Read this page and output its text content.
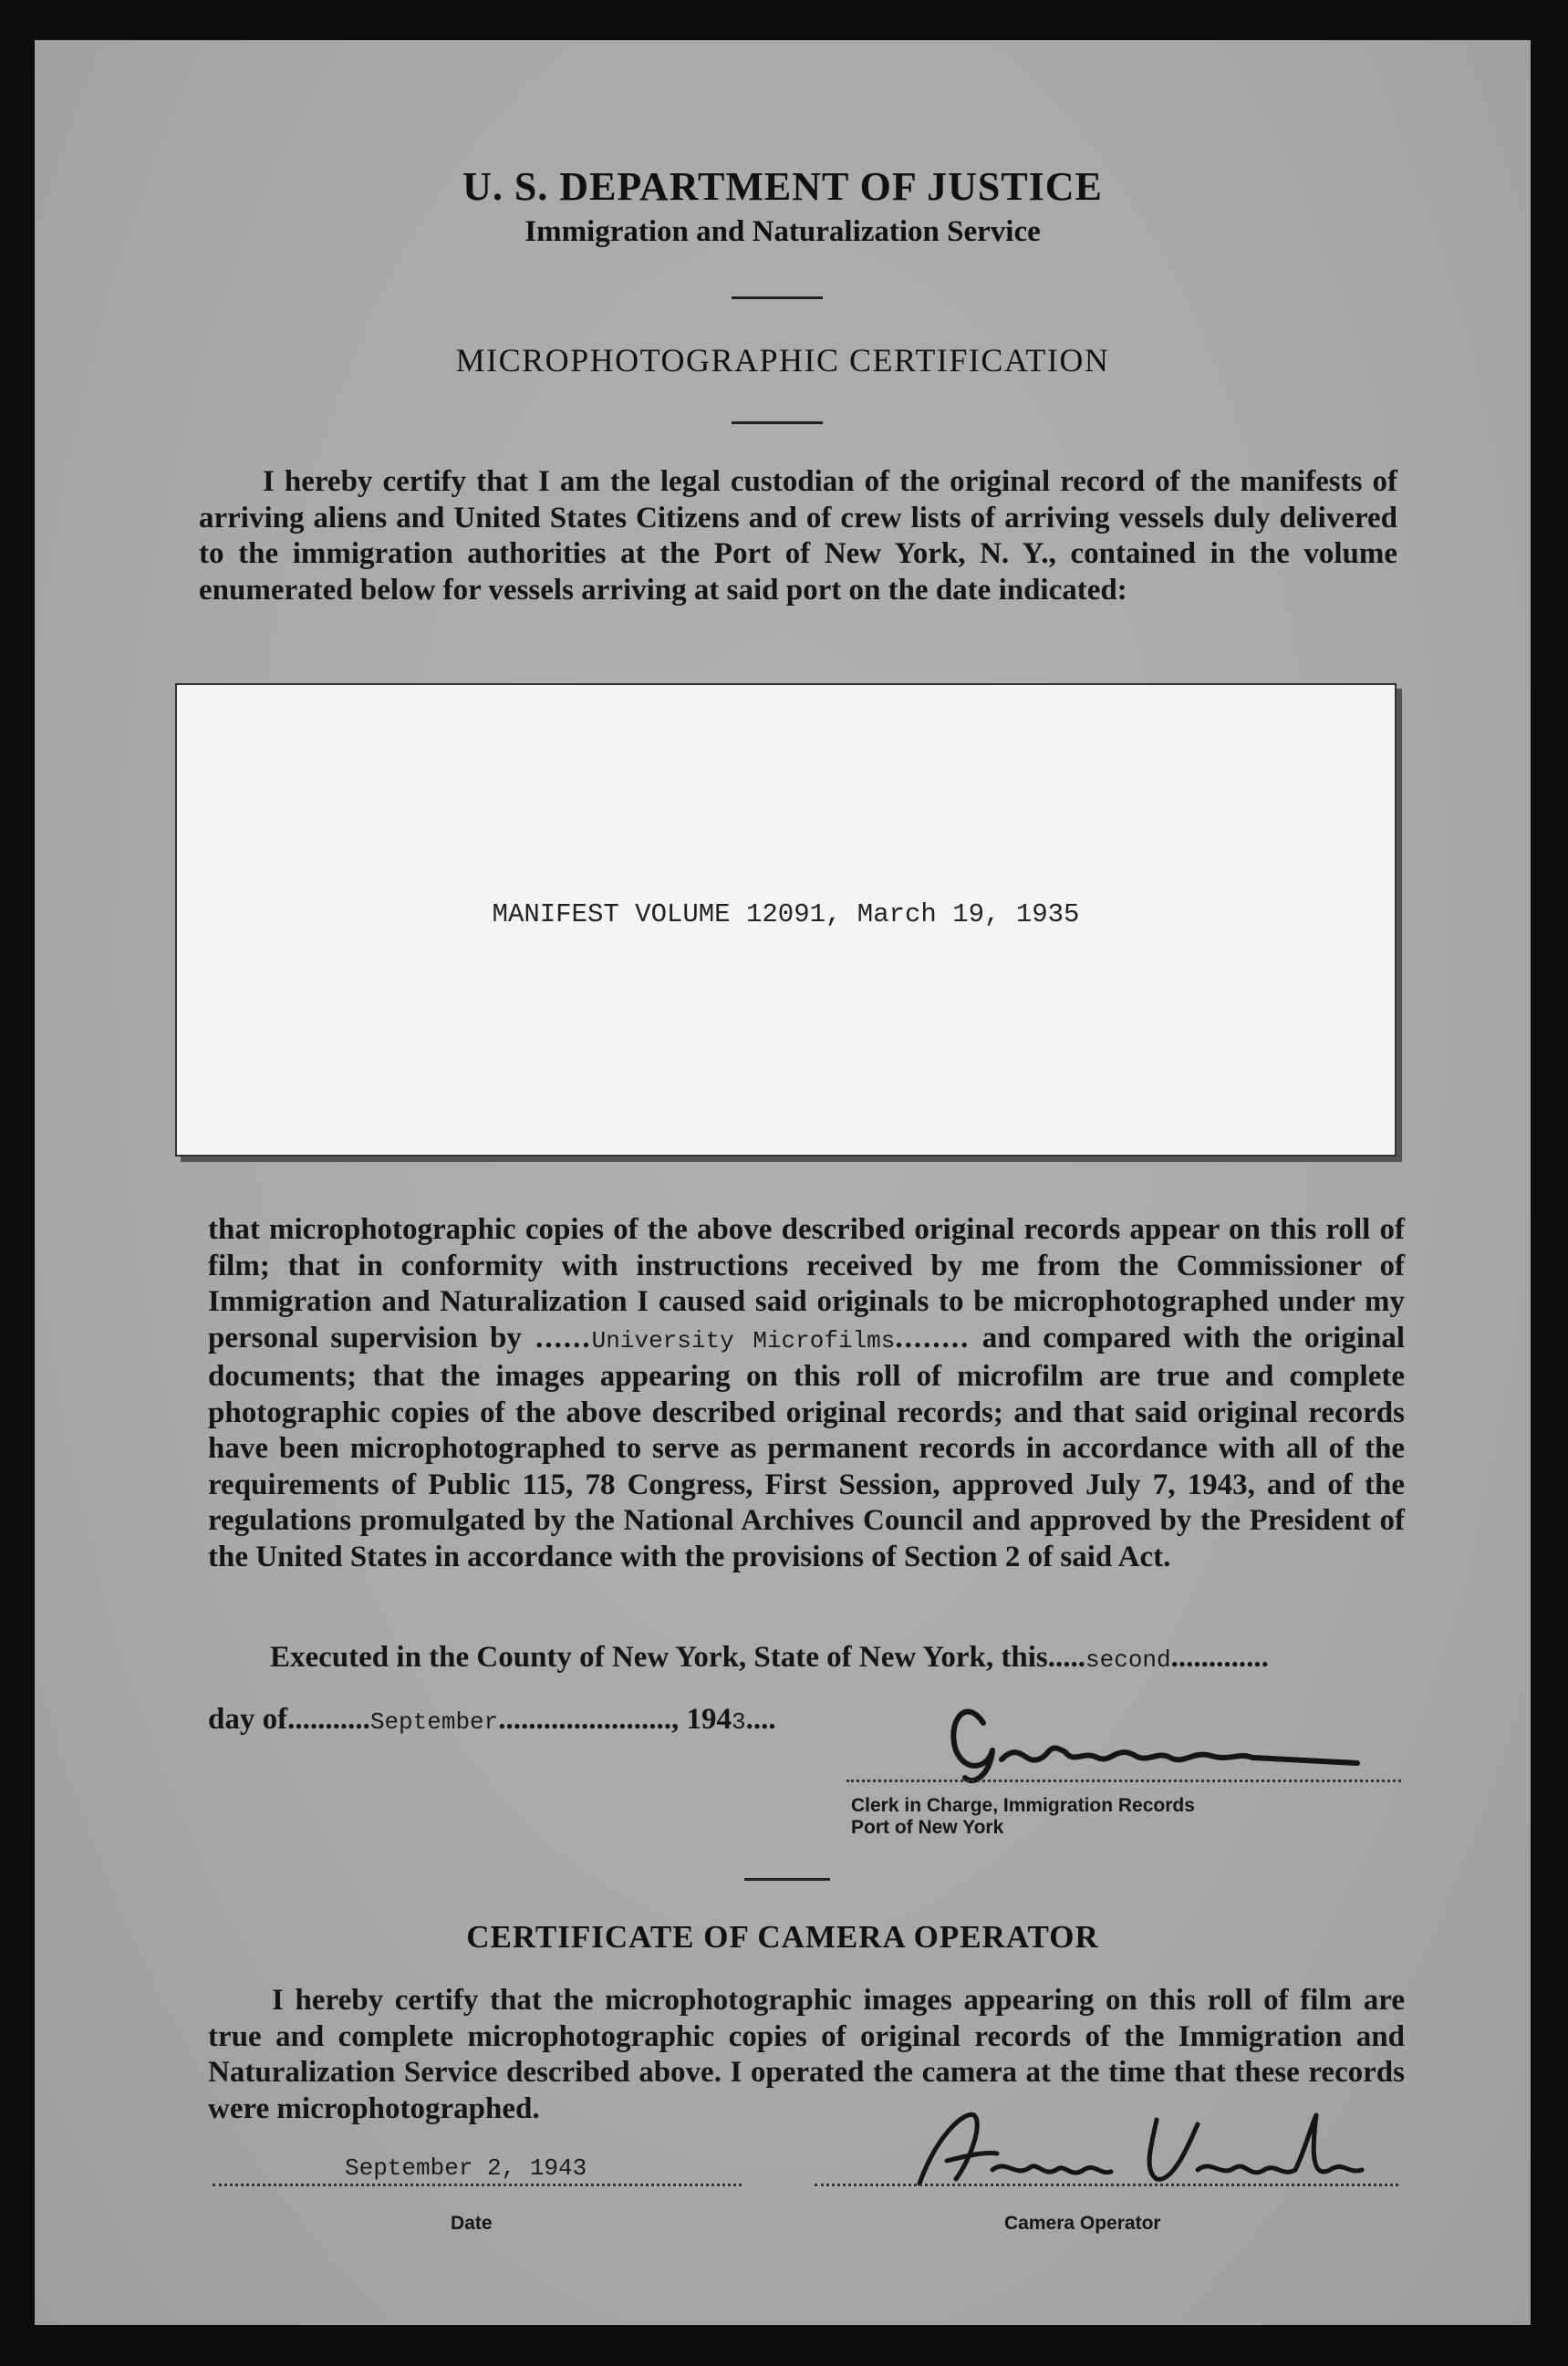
U. S. DEPARTMENT OF JUSTICE
Immigration and Naturalization Service
MICROPHOTOGRAPHIC CERTIFICATION
I hereby certify that I am the legal custodian of the original record of the manifests of arriving aliens and United States Citizens and of crew lists of arriving vessels duly delivered to the immigration authorities at the Port of New York, N. Y., contained in the volume enumerated below for vessels arriving at said port on the date indicated:
MANIFEST VOLUME 12091, March 19, 1935
that microphotographic copies of the above described original records appear on this roll of film; that in conformity with instructions received by me from the Commissioner of Immigration and Naturalization I caused said originals to be microphotographed under my personal supervision by ......University Microfilms........ and compared with the original documents; that the images appearing on this roll of microfilm are true and complete photographic copies of the above described original records; and that said original records have been microphotographed to serve as permanent records in accordance with all of the requirements of Public 115, 78 Congress, First Session, approved July 7, 1943, and of the regulations promulgated by the National Archives Council and approved by the President of the United States in accordance with the provisions of Section 2 of said Act.
Executed in the County of New York, State of New York, this.....second.............
day of...........September......................., 1943....
Clerk in Charge, Immigration Records
Port of New York
CERTIFICATE OF CAMERA OPERATOR
I hereby certify that the microphotographic images appearing on this roll of film are true and complete microphotographic copies of original records of the Immigration and Naturalization Service described above. I operated the camera at the time that these records were microphotographed.
September 2, 1943
Date	Camera Operator
